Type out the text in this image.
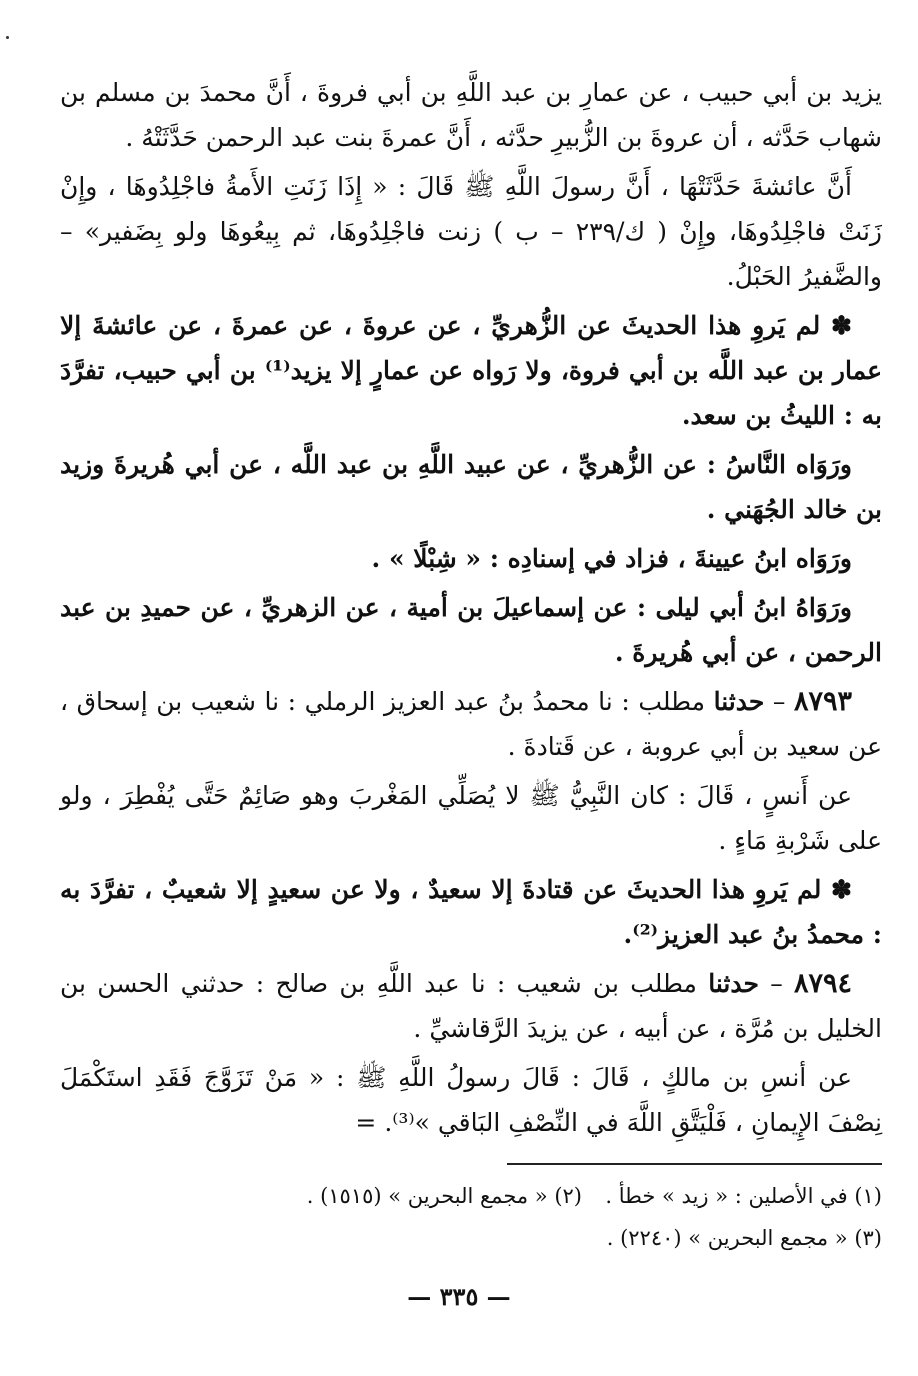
يزيد بن أبي حبيب ، عن عمارِ بن عبد اللَّهِ بن أبي فروةَ ، أَنَّ محمدَ بن مسلم بن شهاب حَدَّثه ، أن عروةَ بن الزُّبيرِ حدَّثه ، أَنَّ عمرةَ بنت عبد الرحمن حَدَّثَتْهُ .

أَنَّ عائشةَ حَدَّثَتْهَا ، أَنَّ رسولَ اللَّهِ ﷺ قَالَ : « إِذَا زَنَتِ الأَمةُ فاجْلِدُوهَا ، وإِنْ زَنَتْ فاجْلِدُوهَا، وإِنْ ( ك/٢٣٩ – ب ) زنت فاجْلِدُوهَا، ثم بِيعُوهَا ولو بِضَفير» – والضَّفيرُ الحَبْلُ.

✽ لم يَروِ هذا الحديثَ عن الزُّهريِّ ، عن عروةَ ، عن عمرةَ ، عن عائشةَ إلا عمار بن عبد اللَّه بن أبي فروة، ولا رَواه عن عمارٍ إلا يزيد⁽¹⁾ بن أبي حبيب، تفرَّدَ به : الليثُ بن سعد.

ورَوَاه النَّاسُ : عن الزُّهريِّ ، عن عبيد اللَّهِ بن عبد اللَّه ، عن أبي هُريرةَ وزيد بن خالد الجُهَني .

ورَوَاه ابنُ عيينةَ ، فزاد في إسنادِه : « شِبْلًا » .

ورَوَاهُ ابنُ أبي ليلى : عن إسماعيلَ بن أمية ، عن الزهريِّ ، عن حميدِ بن عبد الرحمن ، عن أبي هُريرةَ .

٨٧٩٣ – حدثنا مطلب : نا محمدُ بنُ عبد العزيز الرملي : نا شعيب بن إسحاق ، عن سعيد بن أبي عروبة ، عن قَتادةَ .

عن أَنسٍ ، قَالَ : كان النَّبِيُّ ﷺ لا يُصَلِّي المَغْربَ وهو صَائِمٌ حَتَّى يُفْطِرَ ، ولو على شَرْبةِ مَاءٍ .

✽ لم يَروِ هذا الحديثَ عن قتادةَ إلا سعيدٌ ، ولا عن سعيدٍ إلا شعيبٌ ، تفرَّدَ به : محمدُ بنُ عبد العزيز⁽²⁾.

٨٧٩٤ – حدثنا مطلب بن شعيب : نا عبد اللَّهِ بن صالح : حدثني الحسن بن الخليل بن مُرَّة ، عن أبيه ، عن يزيدَ الرَّقاشيِّ .

عن أنسِ بن مالكٍ ، قَالَ : قَالَ رسولُ اللَّهِ ﷺ : « مَنْ تَزَوَّجَ فَقَدِ استَكْمَلَ نِصْفَ الإِيمانِ ، فَلْيَتَّقِ اللَّهَ في النِّصْفِ البَاقي »⁽³⁾. =

(١) في الأصلين : « زيد » خطأ .
(٢) « مجمع البحرين » (١٥١٥) .
(٣) « مجمع البحرين » (٢٢٤٠) .
— ٣٣٥ —
